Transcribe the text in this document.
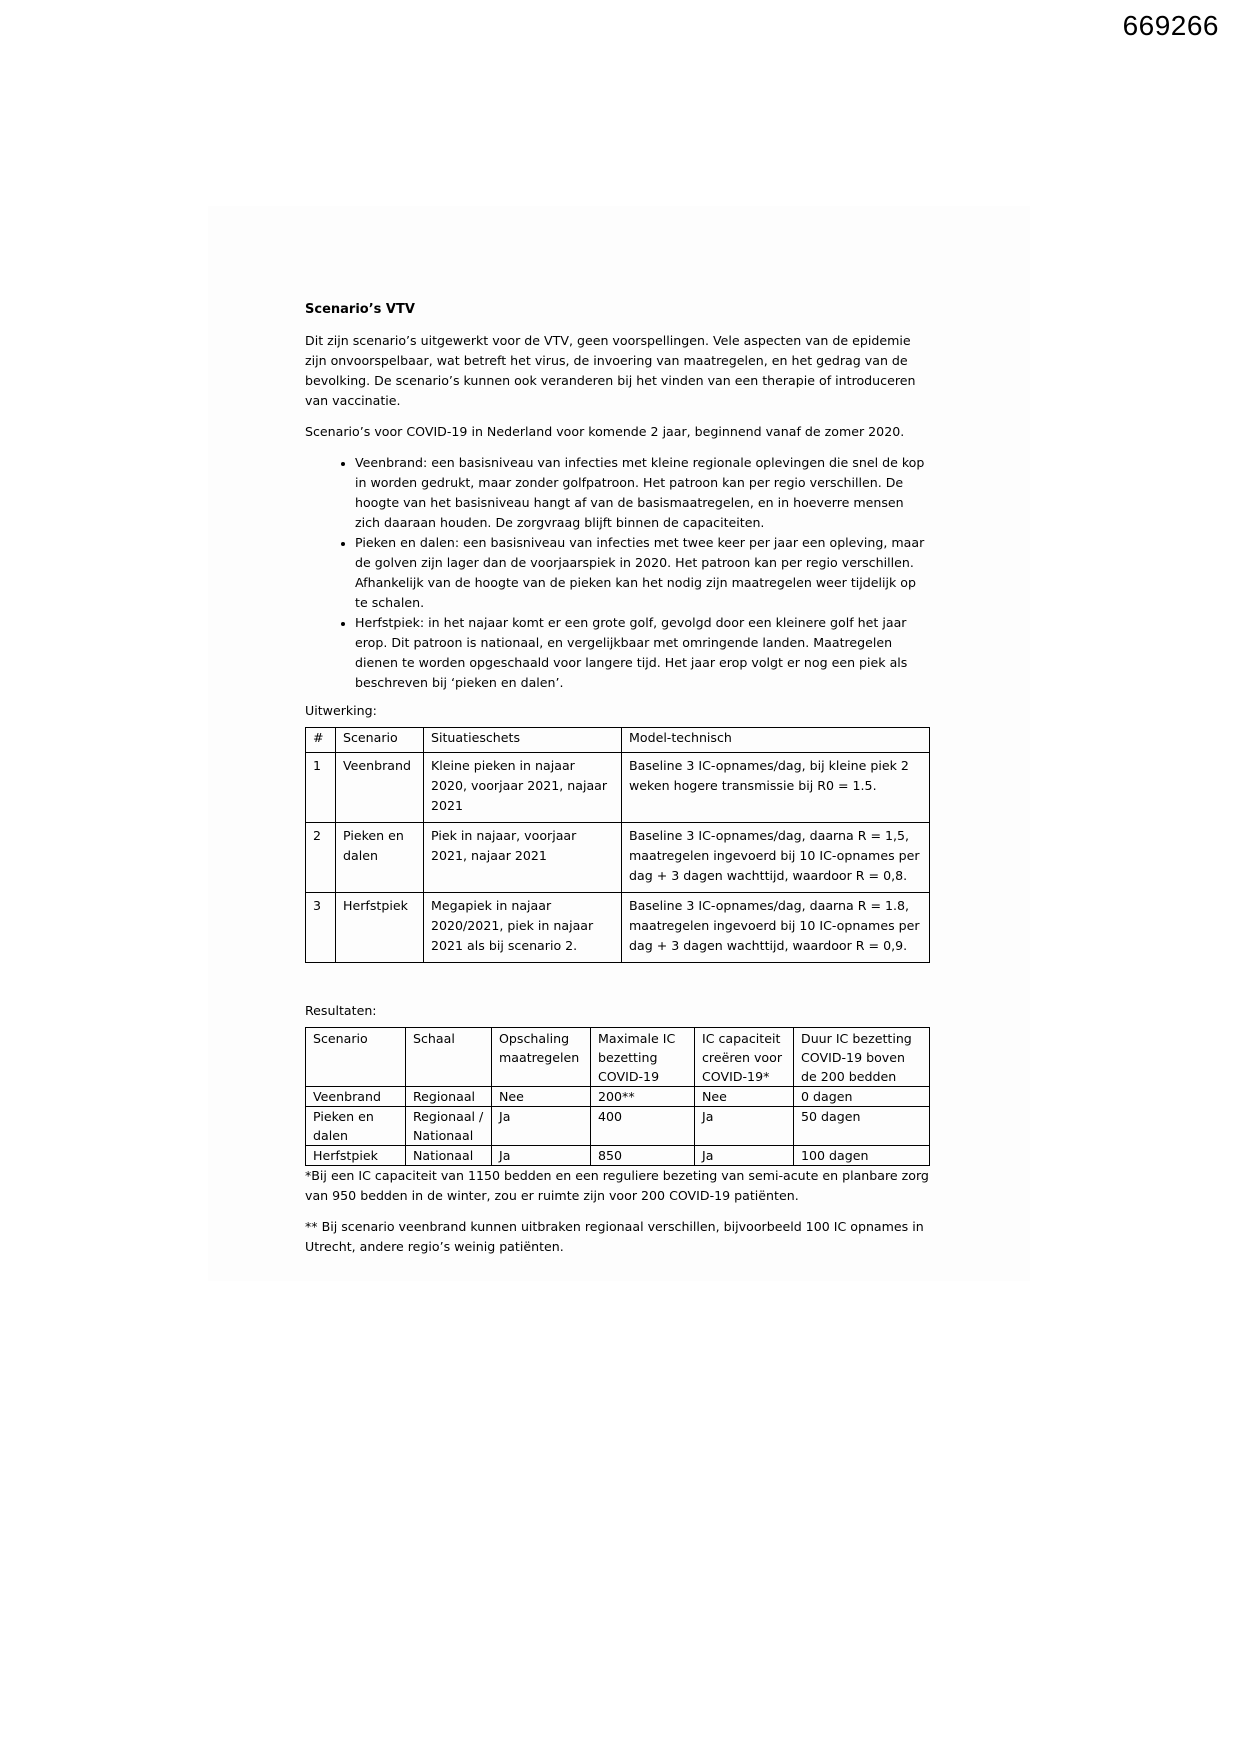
669266
Scenario’s VTV

Dit zijn scenario’s uitgewerkt voor de VTV, geen voorspellingen. Vele aspecten van de epidemie zijn onvoorspelbaar, wat betreft het virus, de invoering van maatregelen, en het gedrag van de bevolking. De scenario’s kunnen ook veranderen bij het vinden van een therapie of introduceren van vaccinatie.

Scenario’s voor COVID-19 in Nederland voor komende 2 jaar, beginnend vanaf de zomer 2020.

• Veenbrand: een basisniveau van infecties met kleine regionale oplevingen die snel de kop in worden gedrukt, maar zonder golfpatroon. Het patroon kan per regio verschillen. De hoogte van het basisniveau hangt af van de basismaatregelen, en in hoeverre mensen zich daaraan houden. De zorgvraag blijft binnen de capaciteiten.
• Pieken en dalen: een basisniveau van infecties met twee keer per jaar een opleving, maar de golven zijn lager dan de voorjaarspiek in 2020. Het patroon kan per regio verschillen. Afhankelijk van de hoogte van de pieken kan het nodig zijn maatregelen weer tijdelijk op te schalen.
• Herfstpiek: in het najaar komt er een grote golf, gevolgd door een kleinere golf het jaar erop. Dit patroon is nationaal, en vergelijkbaar met omringende landen. Maatregelen dienen te worden opgeschaald voor langere tijd. Het jaar erop volgt er nog een piek als beschreven bij ‘pieken en dalen’.

Uitwerking:

#	Scenario	Situatieschets	Model-technisch
1	Veenbrand	Kleine pieken in najaar 2020, voorjaar 2021, najaar 2021	Baseline 3 IC-opnames/dag, bij kleine piek 2 weken hogere transmissie bij R0 = 1.5.
2	Pieken en dalen	Piek in najaar, voorjaar 2021, najaar 2021	Baseline 3 IC-opnames/dag, daarna R = 1,5, maatregelen ingevoerd bij 10 IC-opnames per dag + 3 dagen wachttijd, waardoor R = 0,8.
3	Herfstpiek	Megapiek in najaar 2020/2021, piek in najaar 2021 als bij scenario 2.	Baseline 3 IC-opnames/dag, daarna R = 1.8, maatregelen ingevoerd bij 10 IC-opnames per dag + 3 dagen wachttijd, waardoor R = 0,9.

Resultaten:

Scenario	Schaal	Opschaling maatregelen	Maximale IC bezetting COVID-19	IC capaciteit creëren voor COVID-19*	Duur IC bezetting COVID-19 boven de 200 bedden
Veenbrand	Regionaal	Nee	200**	Nee	0 dagen
Pieken en dalen	Regionaal / Nationaal	Ja	400	Ja	50 dagen
Herfstpiek	Nationaal	Ja	850	Ja	100 dagen

*Bij een IC capaciteit van 1150 bedden en een reguliere bezeting van semi-acute en planbare zorg van 950 bedden in de winter, zou er ruimte zijn voor 200 COVID-19 patiënten.

** Bij scenario veenbrand kunnen uitbraken regionaal verschillen, bijvoorbeeld 100 IC opnames in Utrecht, andere regio’s weinig patiënten.
